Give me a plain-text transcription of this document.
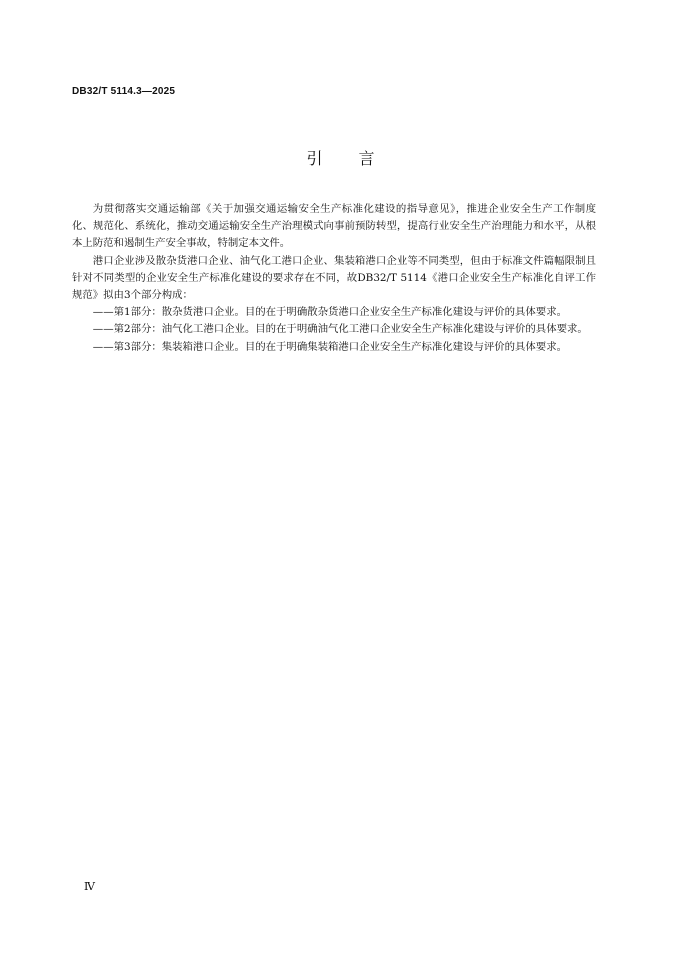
DB32/T 5114.3—2025
引 言

为贯彻落实交通运输部《关于加强交通运输安全生产标准化建设的指导意见》，推进企业安全生产工作制度化、规范化、系统化，推动交通运输安全生产治理模式向事前预防转型，提高行业安全生产治理能力和水平，从根本上防范和遏制生产安全事故，特制定本文件。

港口企业涉及散杂货港口企业、油气化工港口企业、集装箱港口企业等不同类型，但由于标准文件篇幅限制且针对不同类型的企业安全生产标准化建设的要求存在不同，故DB32/T 5114《港口企业安全生产标准化自评工作规范》拟由3个部分构成：

——第1部分：散杂货港口企业。目的在于明确散杂货港口企业安全生产标准化建设与评价的具体要求。

——第2部分：油气化工港口企业。目的在于明确油气化工港口企业安全生产标准化建设与评价的具体要求。

——第3部分：集装箱港口企业。目的在于明确集装箱港口企业安全生产标准化建设与评价的具体要求。

Ⅳ
